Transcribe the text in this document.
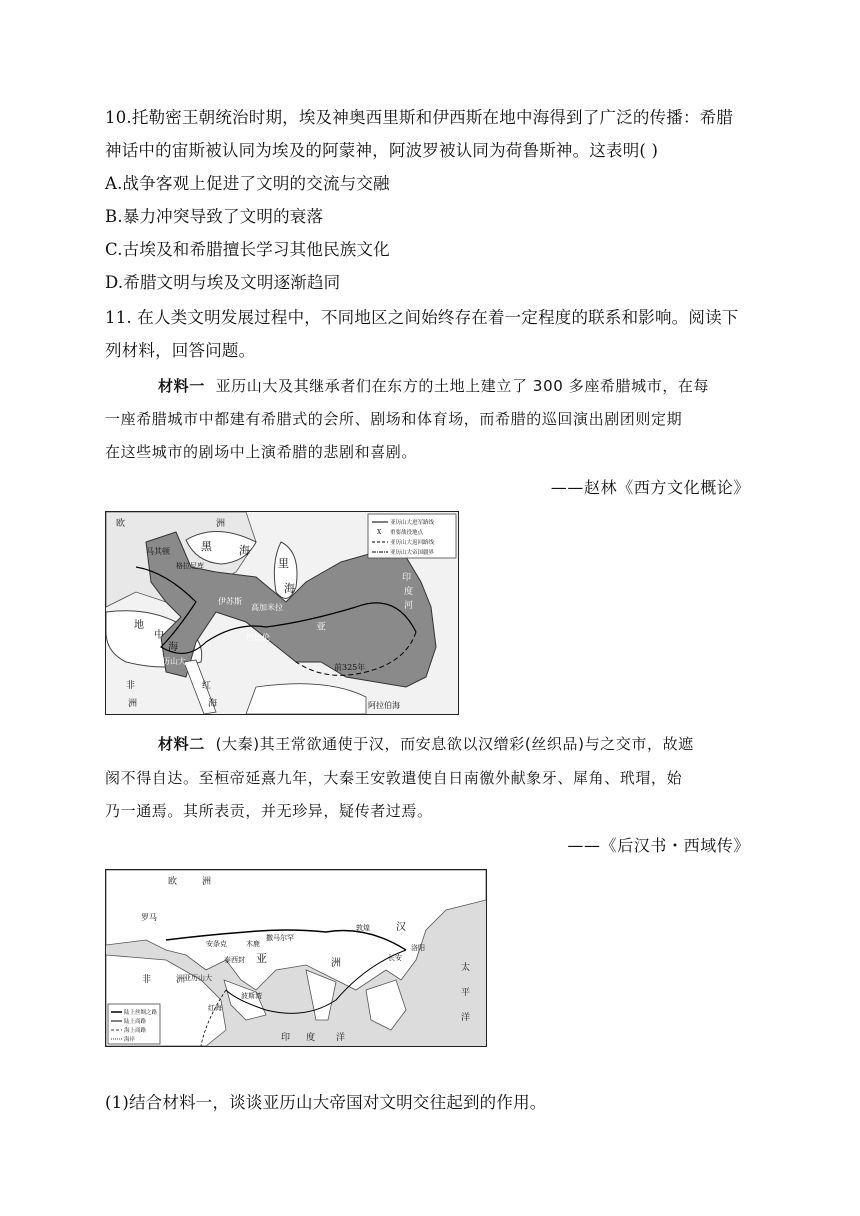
10.托勒密王朝统治时期，埃及神奥西里斯和伊西斯在地中海得到了广泛的传播：希腊
神话中的宙斯被认同为埃及的阿蒙神，阿波罗被认同为荷鲁斯神。这表明( )
A.战争客观上促进了文明的交流与交融
B.暴力冲突导致了文明的衰落
C.古埃及和希腊擅长学习其他民族文化
D.希腊文明与埃及文明逐渐趋同
11. 在人类文明发展过程中，不同地区之间始终存在着一定程度的联系和影响。阅读下
列材料，回答问题。
材料一 亚历山大及其继承者们在东方的土地上建立了 300 多座希腊城市，在每
一座希腊城市中都建有希腊式的会所、剧场和体育场，而希腊的巡回演出剧团则定期
在这些城市的剧场中上演希腊的悲剧和喜剧。
——赵林《西方文化概论》
欧	洲
黑 海
里
海
马其顿
格拉尼库
伊苏斯
高加米拉
地
中
海
亚历山大
巴比伦
亚
印
度
河
前325年
非
洲
红
海	阿拉伯海
亚历山大进军路线
X 重要战役地点
亚历山大返回路线
亚历山大帝国疆界
材料二 (大秦)其王常欲通使于汉，而安息欲以汉缯彩(丝织品)与之交市，故遮
阂不得自达。至桓帝延熹九年，大秦王安敦遣使自日南徼外献象牙、犀角、玳瑁，始
乃一通焉。其所表贡，并无珍异，疑传者过焉。
——《后汉书・西域传》
欧	洲
罗马
安条克	木鹿
撒马尔罕
敦煌	汉
长安
洛阳
泰西封 亚	洲
亚历山大
红海
波斯湾
非	洲
印 度 洋
太
平
洋
陆上丝绸之路
陆上商路
海上商路
海岸
(1)结合材料一，谈谈亚历山大帝国对文明交往起到的作用。
